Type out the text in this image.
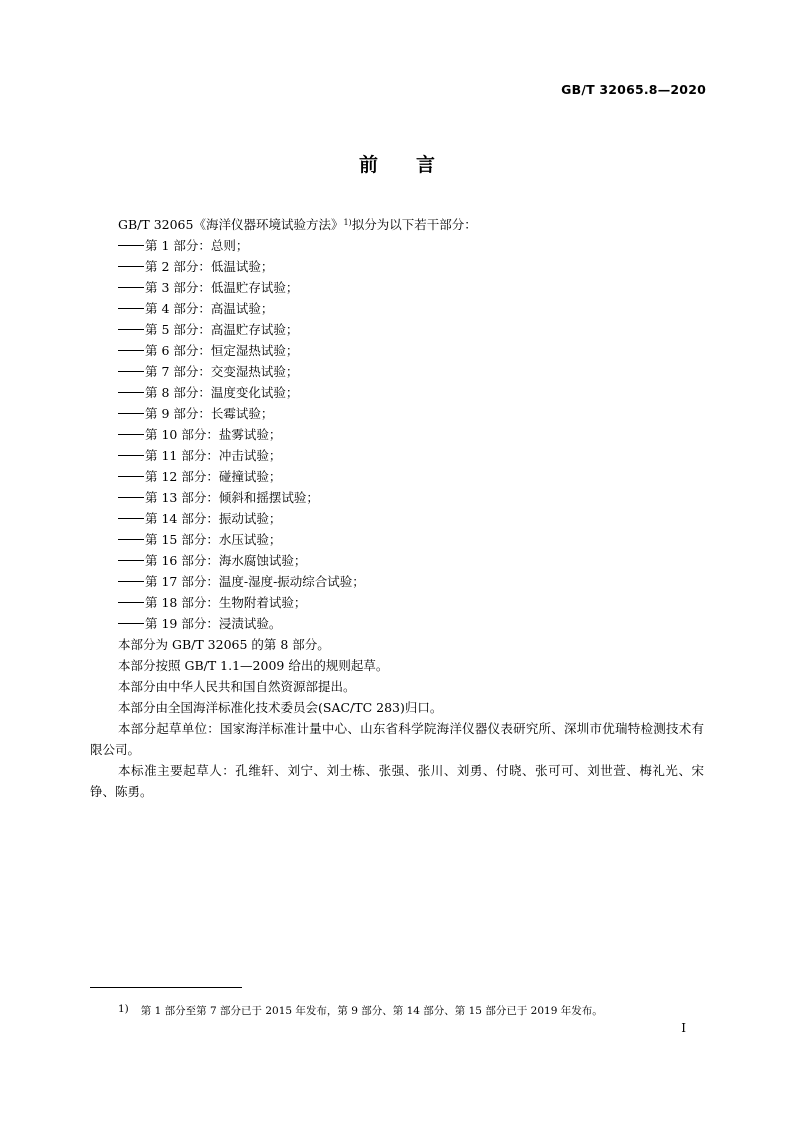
GB/T 32065.8—2020
前言

GB/T 32065《海洋仪器环境试验方法》$^{1)}$拟分为以下若干部分：

第 1 部分：总则；
第 2 部分：低温试验；
第 3 部分：低温贮存试验；
第 4 部分：高温试验；
第 5 部分：高温贮存试验；
第 6 部分：恒定湿热试验；
第 7 部分：交变湿热试验；
第 8 部分：温度变化试验；
第 9 部分：长霉试验；
第 10 部分：盐雾试验；
第 11 部分：冲击试验；
第 12 部分：碰撞试验；
第 13 部分：倾斜和摇摆试验；
第 14 部分：振动试验；
第 15 部分：水压试验；
第 16 部分：海水腐蚀试验；
第 17 部分：温度-湿度-振动综合试验；
第 18 部分：生物附着试验；
第 19 部分：浸渍试验。

本部分为 GB/T 32065 的第 8 部分。

本部分按照 GB/T 1.1—2009 给出的规则起草。

本部分由中华人民共和国自然资源部提出。

本部分由全国海洋标准化技术委员会(SAC/TC 283)归口。

本部分起草单位：国家海洋标准计量中心、山东省科学院海洋仪器仪表研究所、深圳市优瑞特检测技术有限公司。

本标准主要起草人：孔维轩、刘宁、刘士栋、张强、张川、刘勇、付晓、张可可、刘世萱、梅礼光、宋铮、陈勇。

1) 第 1 部分至第 7 部分已于 2015 年发布，第 9 部分、第 14 部分、第 15 部分已于 2019 年发布。
I
